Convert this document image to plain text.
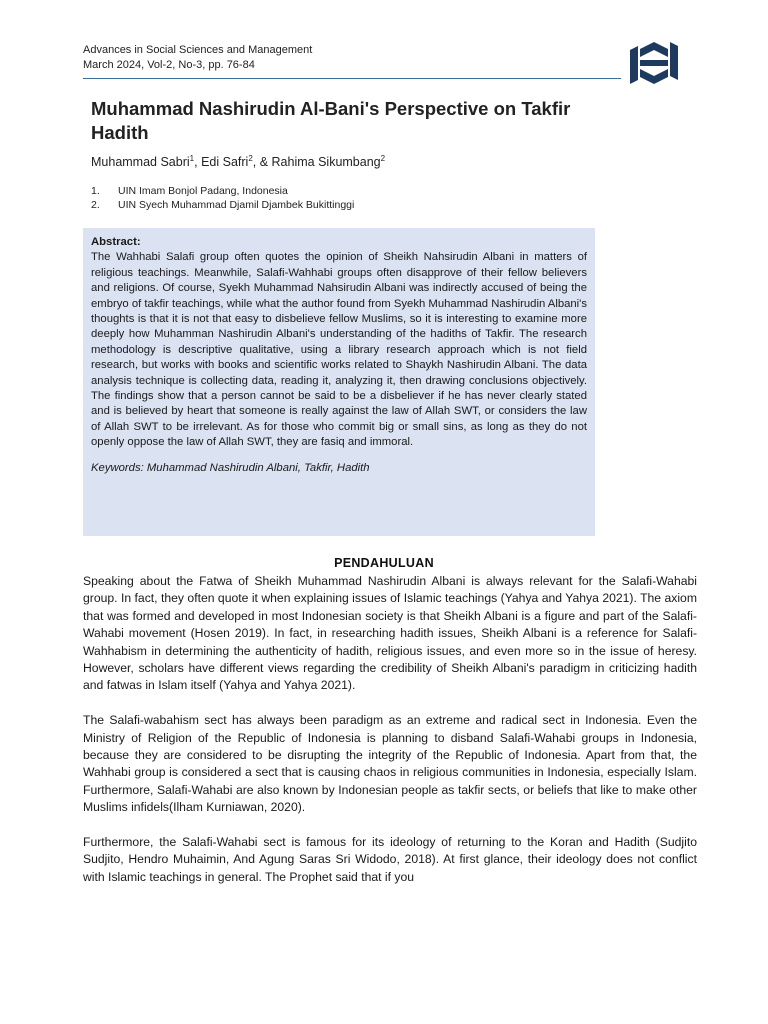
Advances in Social Sciences and Management
March 2024, Vol-2, No-3, pp. 76-84
Muhammad Nashirudin Al-Bani's Perspective on Takfir Hadith
Muhammad Sabri$^1$, Edi Safri$^2$, & Rahima Sikumbang$^2$
1.	UIN Imam Bonjol Padang, Indonesia
2.	UIN Syech Muhammad Djamil Djambek Bukittinggi
Abstract:
The Wahhabi Salafi group often quotes the opinion of Sheikh Nahsirudin Albani in matters of religious teachings. Meanwhile, Salafi-Wahhabi groups often disapprove of their fellow believers and religions. Of course, Syekh Muhammad Nahsirudin Albani was indirectly accused of being the embryo of takfir teachings, while what the author found from Syekh Muhammad Nashirudin Albani's thoughts is that it is not that easy to disbelieve fellow Muslims, so it is interesting to examine more deeply how Muhamman Nashirudin Albani's understanding of the hadiths of Takfir. The research methodology is descriptive qualitative, using a library research approach which is not field research, but works with books and scientific works related to Shaykh Nashirudin Albani. The data analysis technique is collecting data, reading it, analyzing it, then drawing conclusions objectively. The findings show that a person cannot be said to be a disbeliever if he has never clearly stated and is believed by heart that someone is really against the law of Allah SWT, or considers the law of Allah SWT to be irrelevant. As for those who commit big or small sins, as long as they do not openly oppose the law of Allah SWT, they are fasiq and immoral.
Keywords: Muhammad Nashirudin Albani, Takfir, Hadith
PENDAHULUAN

Speaking about the Fatwa of Sheikh Muhammad Nashirudin Albani is always relevant for the Salafi-Wahabi group. In fact, they often quote it when explaining issues of Islamic teachings (Yahya and Yahya 2021). The axiom that was formed and developed in most Indonesian society is that Sheikh Albani is a figure and part of the Salafi-Wahabi movement (Hosen 2019). In fact, in researching hadith issues, Sheikh Albani is a reference for Salafi-Wahhabism in determining the authenticity of hadith, religious issues, and even more so in the issue of heresy. However, scholars have different views regarding the credibility of Sheikh Albani's paradigm in criticizing hadith and fatwas in Islam itself (Yahya and Yahya 2021).

The Salafi-wabahism sect has always been paradigm as an extreme and radical sect in Indonesia. Even the Ministry of Religion of the Republic of Indonesia is planning to disband Salafi-Wahabi groups in Indonesia, because they are considered to be disrupting the integrity of the Republic of Indonesia. Apart from that, the Wahhabi group is considered a sect that is causing chaos in religious communities in Indonesia, especially Islam. Furthermore, Salafi-Wahabi are also known by Indonesian people as takfir sects, or beliefs that like to make other Muslims infidels(Ilham Kurniawan, 2020).

Furthermore, the Salafi-Wahabi sect is famous for its ideology of returning to the Koran and Hadith (Sudjito Sudjito, Hendro Muhaimin, And Agung Saras Sri Widodo, 2018). At first glance, their ideology does not conflict with Islamic teachings in general. The Prophet said that if you
